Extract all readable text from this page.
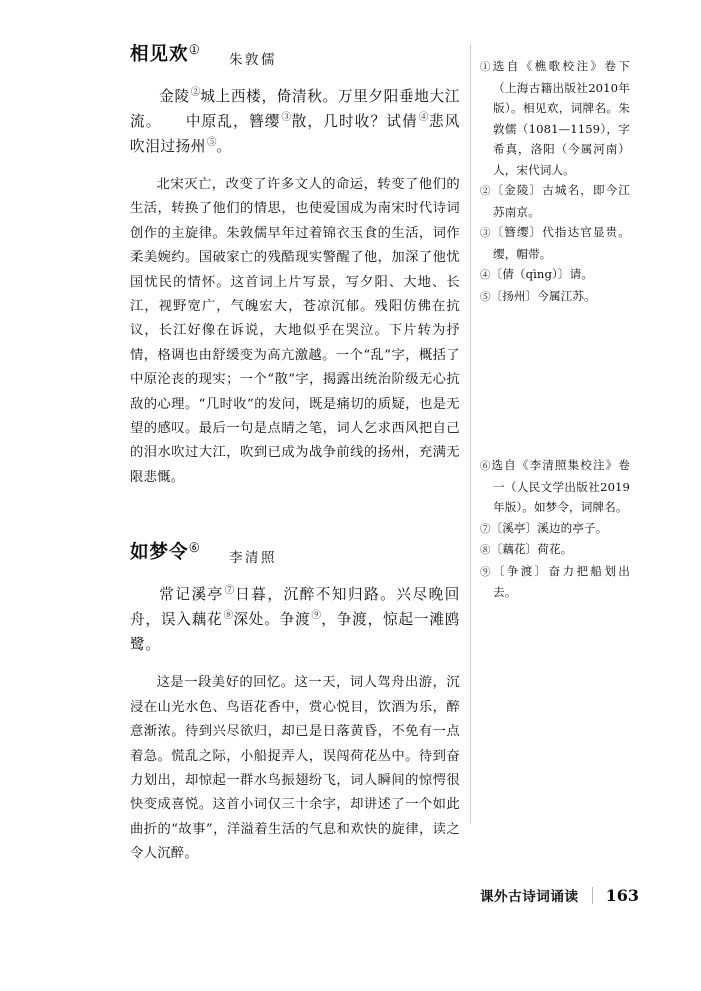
相见欢①
朱敦儒

金陵②城上西楼，倚清秋。万里夕阳垂地大江流。　　中原乱，簪缨③散，几时收？试倩④悲风吹泪过扬州⑤。

北宋灭亡，改变了许多文人的命运，转变了他们的生活，转换了他们的情思，也使爱国成为南宋时代诗词创作的主旋律。朱敦儒早年过着锦衣玉食的生活，词作柔美婉约。国破家亡的残酷现实警醒了他，加深了他忧国忧民的情怀。这首词上片写景，写夕阳、大地、长江，视野宽广，气魄宏大，苍凉沉郁。残阳仿佛在抗议，长江好像在诉说，大地似乎在哭泣。下片转为抒情，格调也由舒缓变为高亢激越。一个“乱”字，概括了中原沦丧的现实；一个“散”字，揭露出统治阶级无心抗敌的心理。“几时收”的发问，既是痛切的质疑，也是无望的感叹。最后一句是点睛之笔，词人乞求西风把自己的泪水吹过大江，吹到已成为战争前线的扬州，充满无限悲慨。

如梦令⑥
李清照

常记溪亭⑦日暮，沉醉不知归路。兴尽晚回舟，误入藕花⑧深处。争渡⑨，争渡，惊起一滩鸥鹭。

这是一段美好的回忆。这一天，词人驾舟出游，沉浸在山光水色、鸟语花香中，赏心悦目，饮酒为乐，醉意渐浓。待到兴尽欲归，却已是日落黄昏，不免有一点着急。慌乱之际，小船捉弄人，误闯荷花丛中。待到奋力划出，却惊起一群水鸟振翅纷飞，词人瞬间的惊愕很快变成喜悦。这首小词仅三十余字，却讲述了一个如此曲折的“故事”，洋溢着生活的气息和欢快的旋律，读之令人沉醉。

①选自《樵歌校注》卷下（上海古籍出版社2010年版）。相见欢，词牌名。朱敦儒（1081—1159），字希真，洛阳（今属河南）人，宋代词人。
②〔金陵〕古城名，即今江苏南京。
③〔簪缨〕代指达官显贵。缨，帽带。
④〔倩（qìng）〕请。
⑤〔扬州〕今属江苏。
⑥选自《李清照集校注》卷一（人民文学出版社2019年版）。如梦令，词牌名。
⑦〔溪亭〕溪边的亭子。
⑧〔藕花〕荷花。
⑨〔争渡〕奋力把船划出去。
课外古诗词诵读 163
